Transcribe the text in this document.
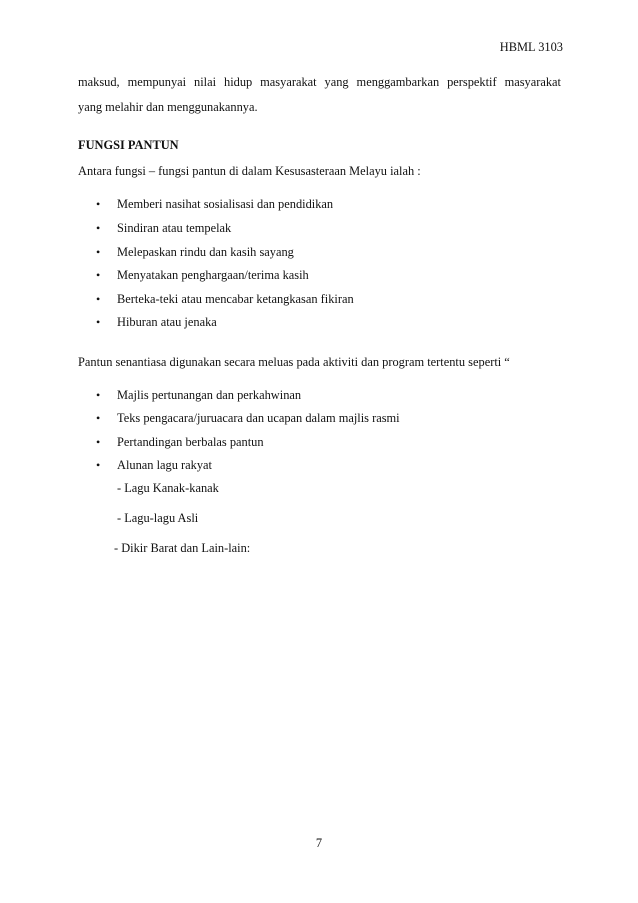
HBML 3103
maksud, mempunyai nilai hidup masyarakat yang menggambarkan perspektif masyarakat
yang melahir dan menggunakannya.
FUNGSI PANTUN
Antara fungsi – fungsi pantun di dalam Kesusasteraan Melayu ialah :
• Memberi nasihat sosialisasi dan pendidikan
• Sindiran atau tempelak
• Melepaskan rindu dan kasih sayang
• Menyatakan penghargaan/terima kasih
• Berteka-teki atau mencabar ketangkasan fikiran
• Hiburan atau jenaka
Pantun senantiasa digunakan secara meluas pada aktiviti dan program tertentu seperti “
• Majlis pertunangan dan perkahwinan
• Teks pengacara/juruacara dan ucapan dalam majlis rasmi
• Pertandingan berbalas pantun
• Alunan lagu rakyat
- Lagu Kanak-kanak
- Lagu-lagu Asli
- Dikir Barat dan Lain-lain:
7
